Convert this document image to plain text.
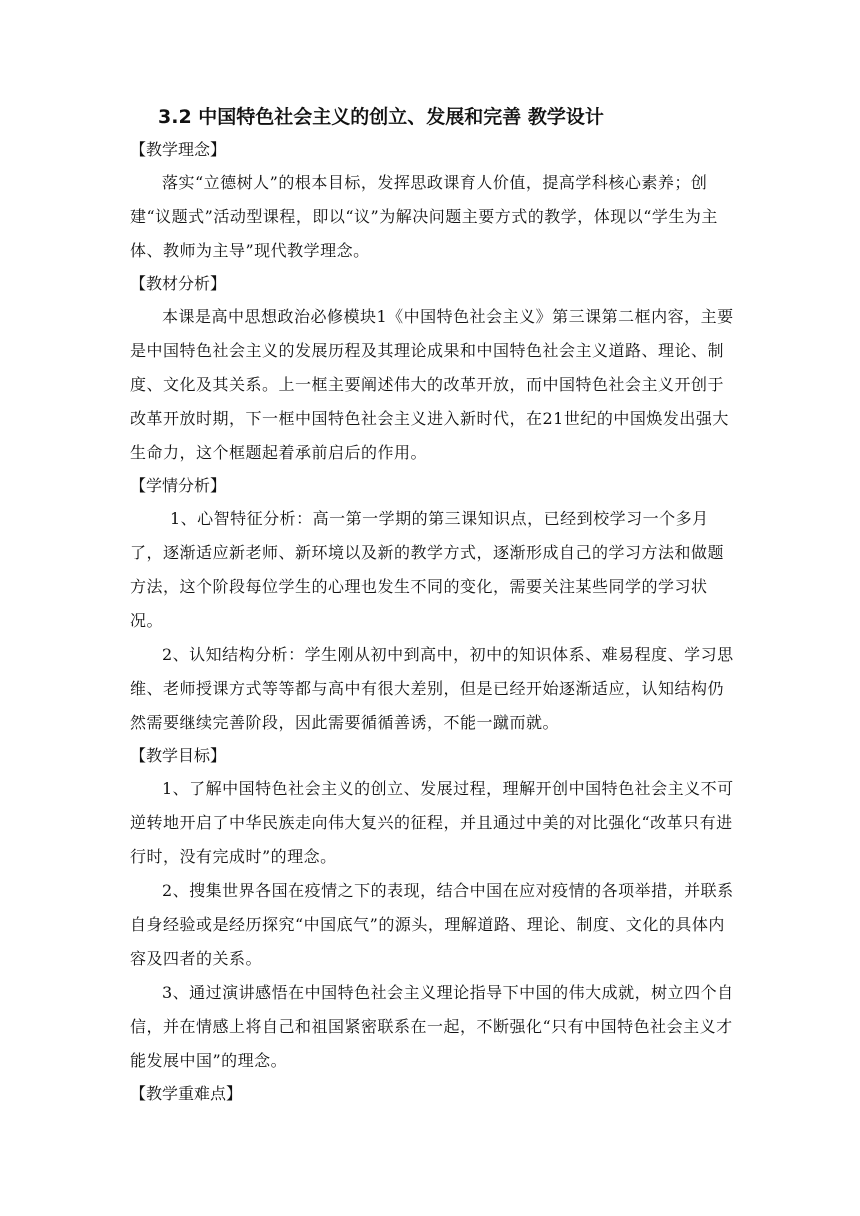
3.2 中国特色社会主义的创立、发展和完善 教学设计
【教学理念】

落实“立德树人”的根本目标，发挥思政课育人价值，提高学科核心素养；创建“议题式”活动型课程，即以“议”为解决问题主要方式的教学，体现以“学生为主体、教师为主导”现代教学理念。

【教材分析】

本课是高中思想政治必修模块1《中国特色社会主义》第三课第二框内容，主要是中国特色社会主义的发展历程及其理论成果和中国特色社会主义道路、理论、制度、文化及其关系。上一框主要阐述伟大的改革开放，而中国特色社会主义开创于改革开放时期，下一框中国特色社会主义进入新时代，在21世纪的中国焕发出强大生命力，这个框题起着承前启后的作用。

【学情分析】

1、心智特征分析：高一第一学期的第三课知识点，已经到校学习一个多月了，逐渐适应新老师、新环境以及新的教学方式，逐渐形成自己的学习方法和做题方法，这个阶段每位学生的心理也发生不同的变化，需要关注某些同学的学习状况。

2、认知结构分析：学生刚从初中到高中，初中的知识体系、难易程度、学习思维、老师授课方式等等都与高中有很大差别，但是已经开始逐渐适应，认知结构仍然需要继续完善阶段，因此需要循循善诱，不能一蹴而就。

【教学目标】

1、了解中国特色社会主义的创立、发展过程，理解开创中国特色社会主义不可逆转地开启了中华民族走向伟大复兴的征程，并且通过中美的对比强化“改革只有进行时，没有完成时”的理念。

2、搜集世界各国在疫情之下的表现，结合中国在应对疫情的各项举措，并联系自身经验或是经历探究“中国底气”的源头，理解道路、理论、制度、文化的具体内容及四者的关系。

3、通过演讲感悟在中国特色社会主义理论指导下中国的伟大成就，树立四个自信，并在情感上将自己和祖国紧密联系在一起，不断强化“只有中国特色社会主义才能发展中国”的理念。

【教学重难点】
